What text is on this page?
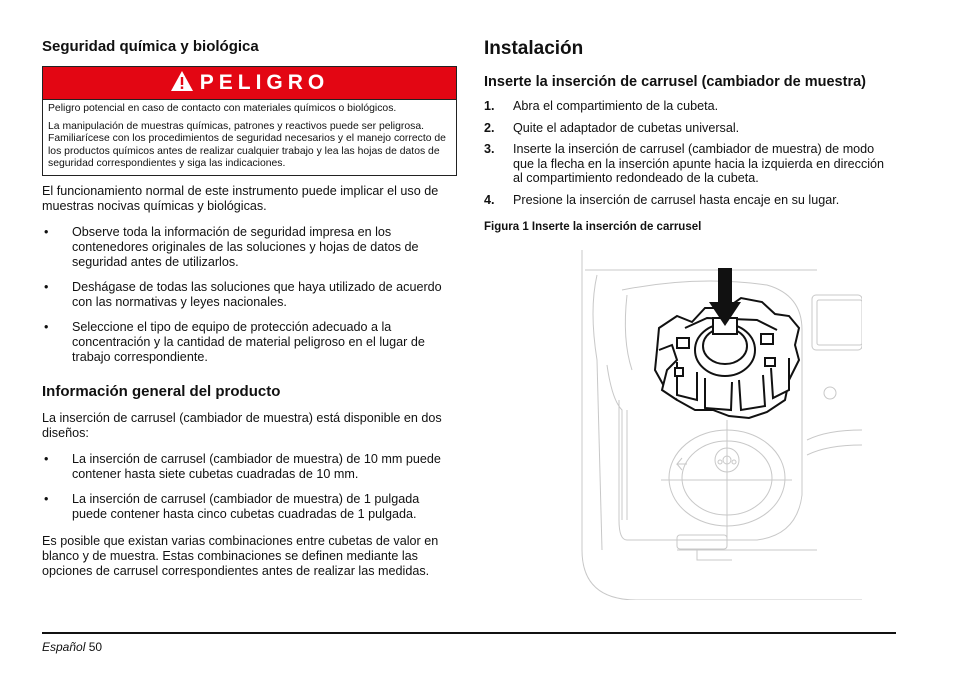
Seguridad química y biológica
PELIGRO

Peligro potencial en caso de contacto con materiales químicos o biológicos.

La manipulación de muestras químicas, patrones y reactivos puede ser peligrosa. Familiarícese con los procedimientos de seguridad necesarios y el manejo correcto de los productos químicos antes de realizar cualquier trabajo y lea las hojas de datos de seguridad correspondientes y siga las indicaciones.

El funcionamiento normal de este instrumento puede implicar el uso de muestras nocivas químicas y biológicas.

• Observe toda la información de seguridad impresa en los contenedores originales de las soluciones y hojas de datos de seguridad antes de utilizarlos.
• Deshágase de todas las soluciones que haya utilizado de acuerdo con las normativas y leyes nacionales.
• Seleccione el tipo de equipo de protección adecuado a la concentración y la cantidad de material peligroso en el lugar de trabajo correspondiente.
Información general del producto

La inserción de carrusel (cambiador de muestra) está disponible en dos diseños:

• La inserción de carrusel (cambiador de muestra) de 10 mm puede contener hasta siete cubetas cuadradas de 10 mm.
• La inserción de carrusel (cambiador de muestra) de 1 pulgada puede contener hasta cinco cubetas cuadradas de 1 pulgada.

Es posible que existan varias combinaciones entre cubetas de valor en blanco y de muestra. Estas combinaciones se definen mediante las opciones de carrusel correspondientes antes de realizar las medidas.

Instalación
Inserte la inserción de carrusel (cambiador de muestra)
1.	Abra el compartimiento de la cubeta.
2.	Quite el adaptador de cubetas universal.
3.	Inserte la inserción de carrusel (cambiador de muestra) de modo que la flecha en la inserción apunte hacia la izquierda en dirección al compartimiento redondeado de la cubeta.
4.	Presione la inserción de carrusel hasta encaje en su lugar.
Figura 1 Inserte la inserción de carrusel
Español 50
